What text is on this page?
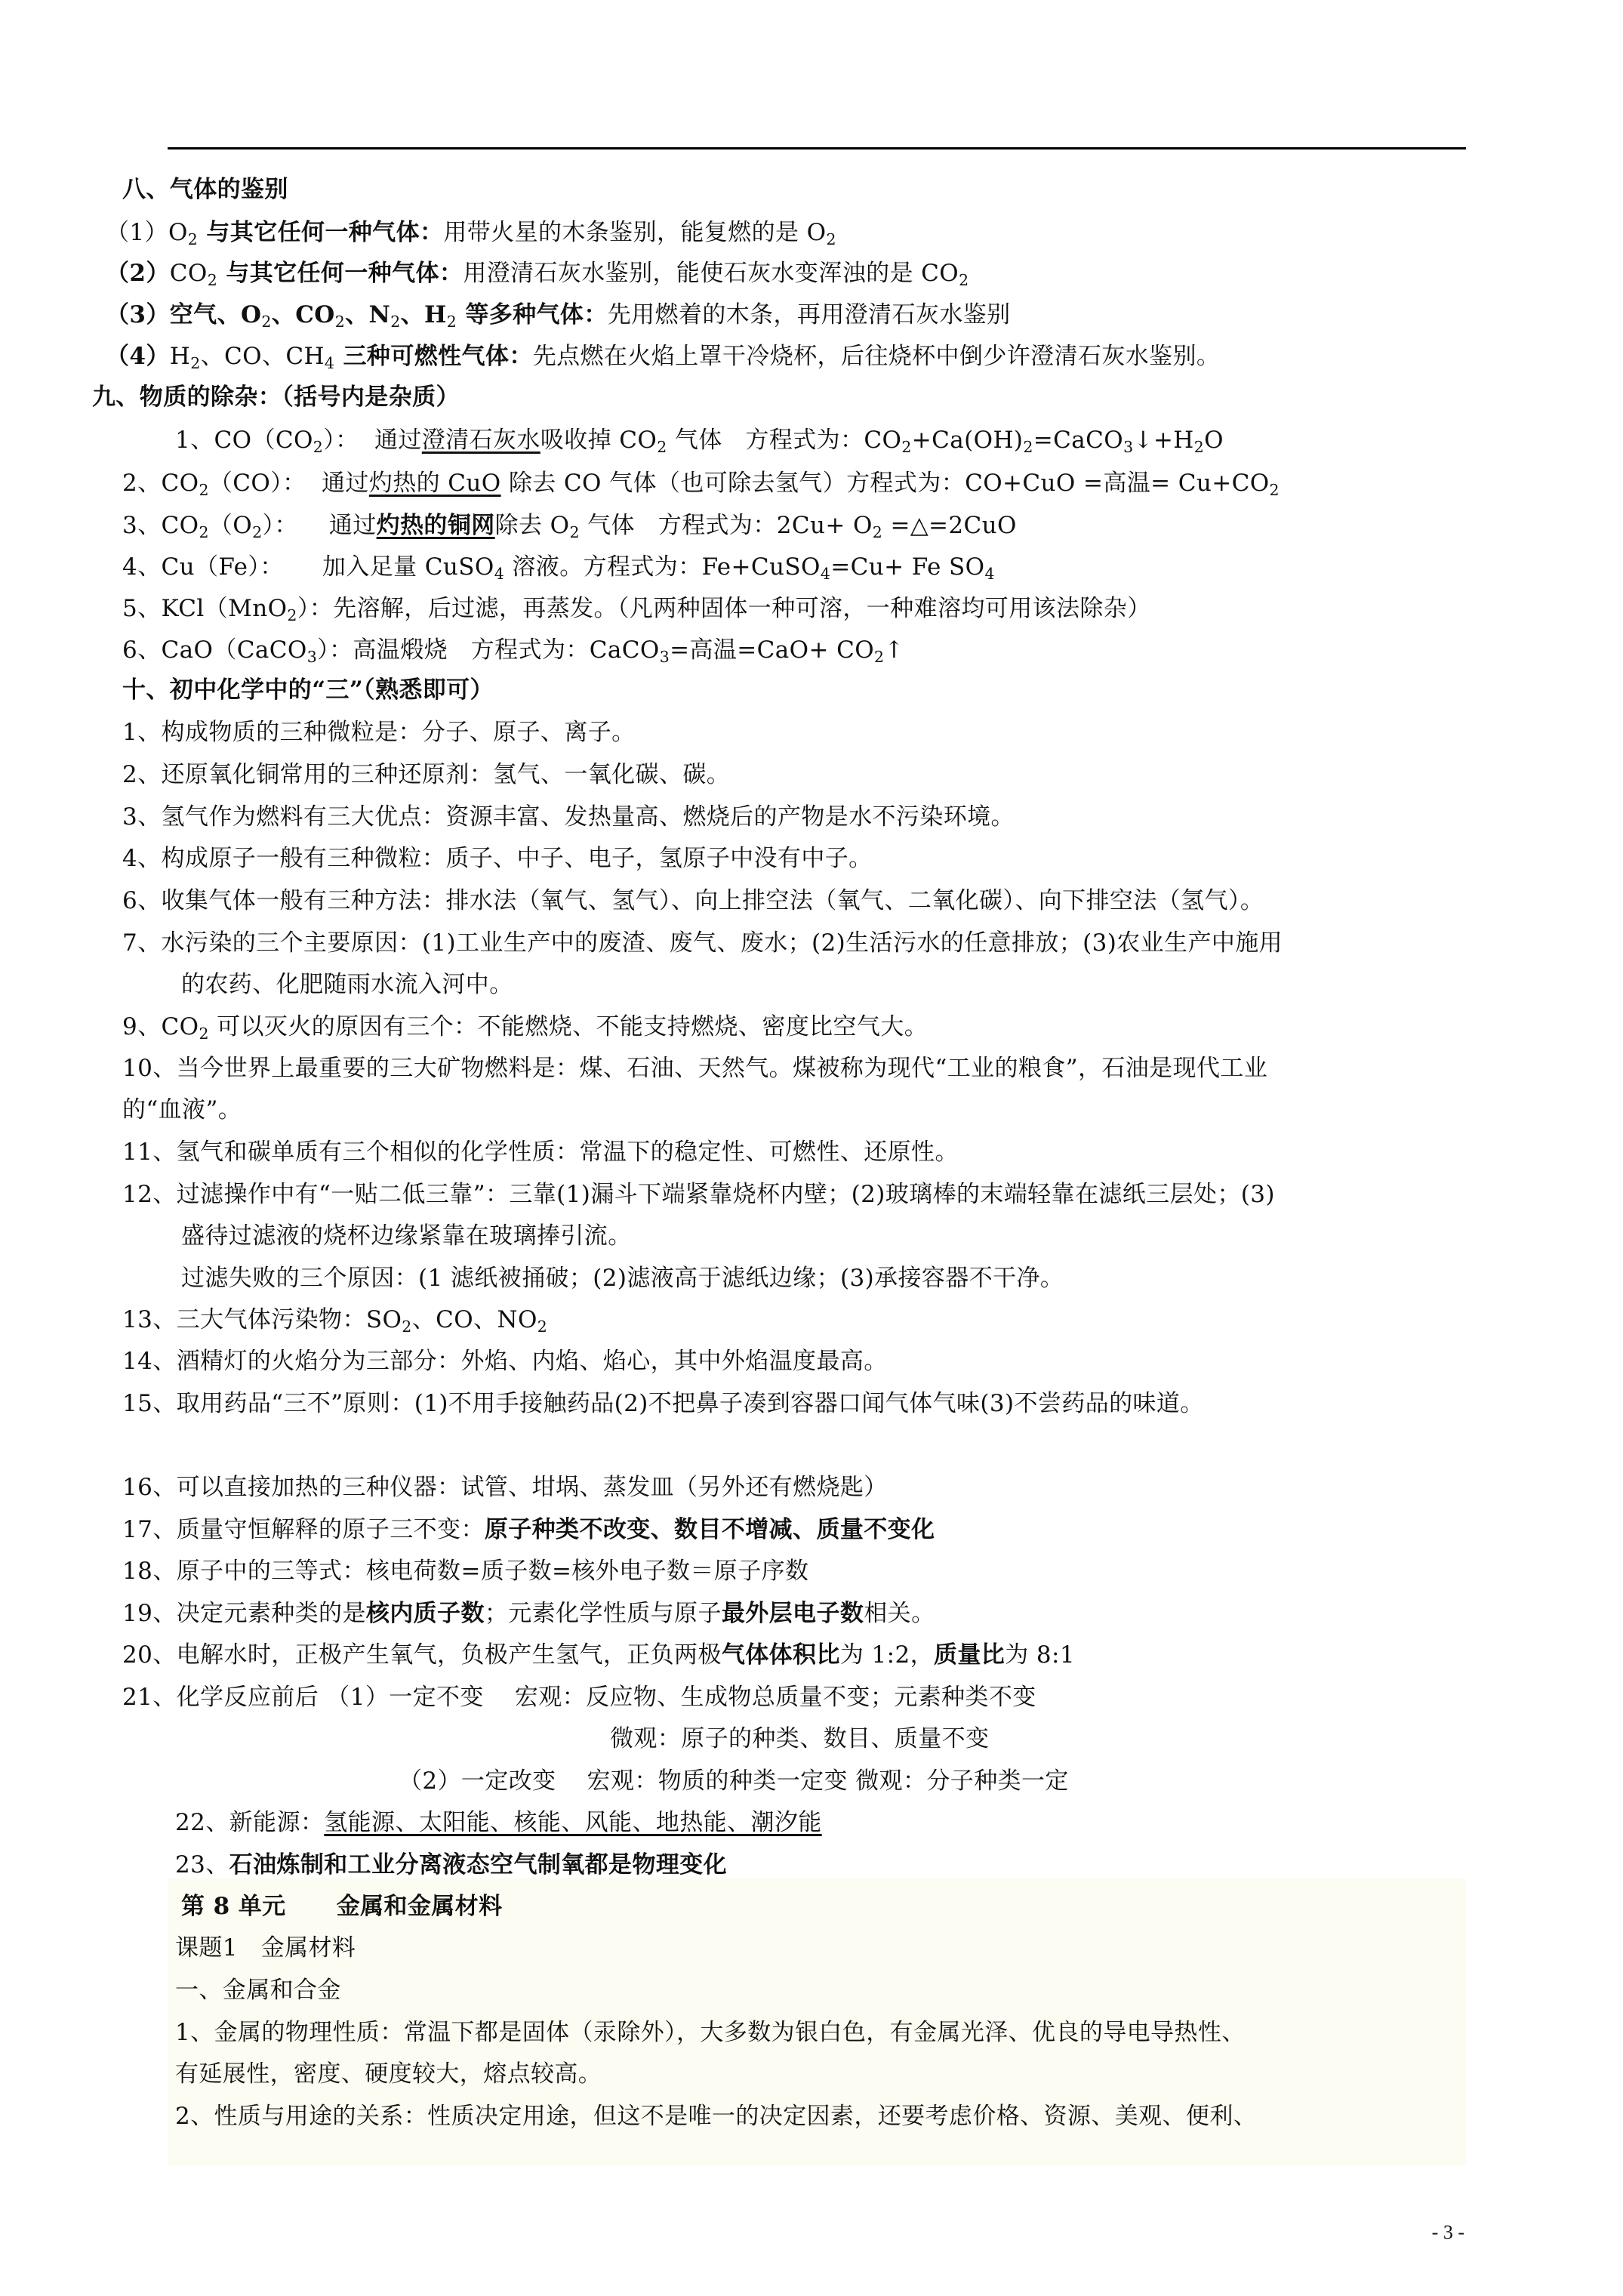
八、气体的鉴别
$(1)O_2$ 与其它任何一种气体：用带火星的木条鉴别，能复燃的是 $O_2$
$(2)CO_2$ 与其它任何一种气体：用澄清石灰水鉴别，能使石灰水变浑浊的是 $CO_2$
（3）空气、$O_2$、$CO_2$、$N_2$、$H_2$ 等多种气体：先用燃着的木条，再用澄清石灰水鉴别
$(4)H_2$、CO、$CH_4$ 三种可燃性气体：先点燃在火焰上罩干冷烧杯，后往烧杯中倒少许澄清石灰水鉴别。
九、物质的除杂：（括号内是杂质）
1、$CO(CO_2)$：  通过澄清石灰水吸收掉 $CO_2$ 气体   方程式为：$CO_2+Ca(OH)_2=CaCO_3↓+H_2O$
2、$CO_2(CO)$：  通过灼热的 CuO 除去 CO 气体（也可除去氢气）方程式为：CO+CuO =高温= $Cu+CO_2$
3、$CO_2(O_2)$：    通过灼热的铜网除去 $O_2$ 气体   方程式为：$2Cu+ O_2$ =△=2CuO
4、Cu（Fe）：     加入足量 CuSO$_4$ 溶液。方程式为：Fe+CuSO$_4$=Cu+ Fe $SO_4$
5、KCl（MnO$_2$）：先溶解，后过滤，再蒸发。（凡两种固体一种可溶，一种难溶均可用该法除杂）
6、CaO（CaCO$_3$）：高温煅烧   方程式为：CaCO$_3$=高温$=CaO+ CO_2↑$
十、初中化学中的“三”（熟悉即可）
1、构成物质的三种微粒是：分子、原子、离子。
2、还原氧化铜常用的三种还原剂：氢气、一氧化碳、碳。
3、氢气作为燃料有三大优点：资源丰富、发热量高、燃烧后的产物是水不污染环境。
4、构成原子一般有三种微粒：质子、中子、电子，氢原子中没有中子。
6、收集气体一般有三种方法：排水法（氧气、氢气）、向上排空法（氧气、二氧化碳）、向下排空法（氢气）。
7、水污染的三个主要原因：(1)工业生产中的废渣、废气、废水；(2)生活污水的任意排放；(3)农业生产中施用
的农药、化肥随雨水流入河中。
9、$CO_2$ 可以灭火的原因有三个：不能燃烧、不能支持燃烧、密度比空气大。
10、当今世界上最重要的三大矿物燃料是：煤、石油、天然气。煤被称为现代“工业的粮食”，石油是现代工业
的“血液”。
11、氢气和碳单质有三个相似的化学性质：常温下的稳定性、可燃性、还原性。
12、过滤操作中有“一贴二低三靠”：三靠(1)漏斗下端紧靠烧杯内壁；(2)玻璃棒的末端轻靠在滤纸三层处；(3)
盛待过滤液的烧杯边缘紧靠在玻璃捧引流。
过滤失败的三个原因：(1 滤纸被捅破；(2)滤液高于滤纸边缘；(3)承接容器不干净。
13、三大气体污染物：$SO_2$、CO、$NO_2$
14、酒精灯的火焰分为三部分：外焰、内焰、焰心，其中外焰温度最高。
15、取用药品“三不”原则：(1)不用手接触药品(2)不把鼻子凑到容器口闻气体气味(3)不尝药品的味道。
16、可以直接加热的三种仪器：试管、坩埚、蒸发皿（另外还有燃烧匙）
17、质量守恒解释的原子三不变：原子种类不改变、数目不增减、质量不变化
18、原子中的三等式：核电荷数=质子数=核外电子数＝原子序数
19、决定元素种类的是核内质子数；元素化学性质与原子最外层电子数相关。
20、电解水时，正极产生氧气，负极产生氢气，正负两极气体体积比为 1:2，质量比为 8:1
21、化学反应前后 （1）一定不变    宏观：反应物、生成物总质量不变；元素种类不变
微观：原子的种类、数目、质量不变
（2）一定改变    宏观：物质的种类一定变 微观：分子种类一定
22、新能源：氢能源、太阳能、核能、风能、地热能、潮汐能
23、石油炼制和工业分离液态空气制氧都是物理变化
第 8 单元      金属和金属材料
课题1   金属材料
一、金属和合金
1、金属的物理性质：常温下都是固体（汞除外），大多数为银白色，有金属光泽、优良的导电导热性、
有延展性，密度、硬度较大，熔点较高。
2、性质与用途的关系：性质决定用途，但这不是唯一的决定因素，还要考虑价格、资源、美观、便利、
- 3 -
